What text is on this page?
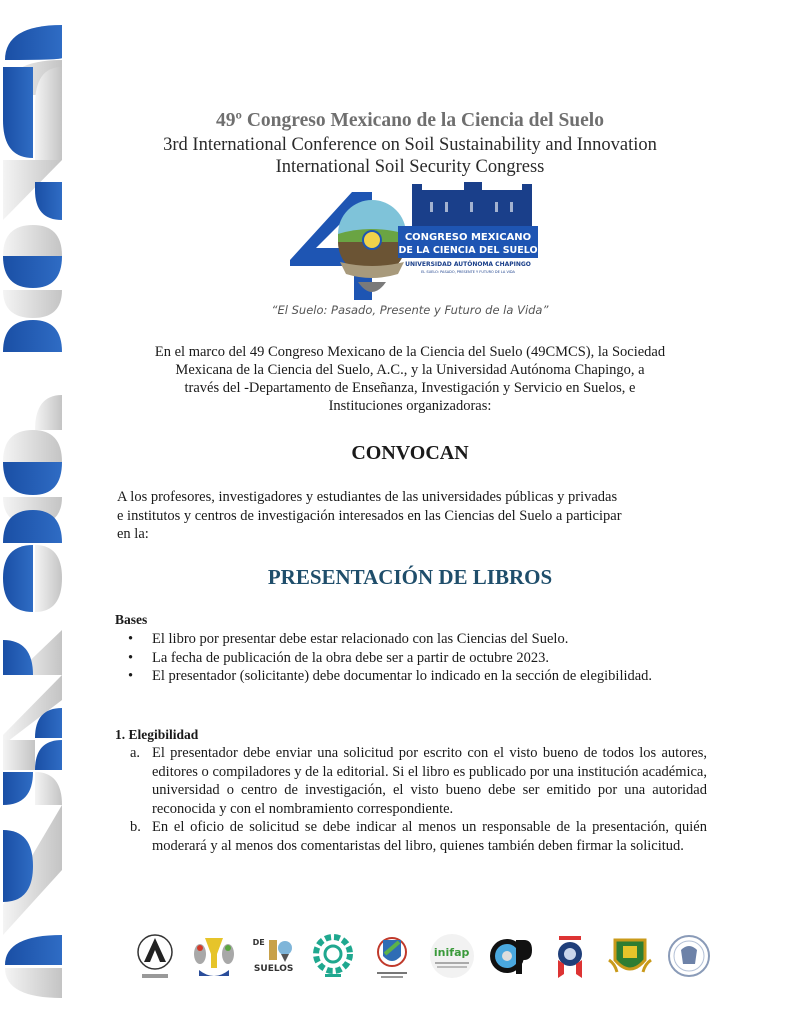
49º Congreso Mexicano de la Ciencia del Suelo
3rd International Conference on Soil Sustainability and Innovation
International Soil Security Congress
CONGRESO MEXICANO
DE LA CIENCIA DEL SUELO
UNIVERSIDAD AUTÓNOMA CHAPINGO
EL SUELO: PASADO, PRESENTE Y FUTURO DE LA VIDA
“El Suelo: Pasado, Presente y Futuro de la Vida”
En el marco del 49 Congreso Mexicano de la Ciencia del Suelo (49CMCS), la Sociedad
Mexicana de la Ciencia del Suelo, A.C., y la Universidad Autónoma Chapingo, a
través del -Departamento de Enseñanza, Investigación y Servicio en Suelos, e
Instituciones organizadoras:
CONVOCAN
A los profesores, investigadores y estudiantes de las universidades públicas y privadas
e institutos y centros de investigación interesados en las Ciencias del Suelo a participar
en la:
PRESENTACIÓN DE LIBROS
Bases
• El libro por presentar debe estar relacionado con las Ciencias del Suelo.
• La fecha de publicación de la obra debe ser a partir de octubre 2023.
• El presentador (solicitante) debe documentar lo indicado en la sección de elegibilidad.
1. Elegibilidad
a. El presentador debe enviar una solicitud por escrito con el visto bueno de todos los autores, editores o compiladores y de la editorial. Si el libro es publicado por una institución académica, universidad o centro de investigación, el visto bueno debe ser emitido por una autoridad reconocida y con el nombramiento correspondiente.
b. En el oficio de solicitud se debe indicar al menos un responsable de la presentación, quién moderará y al menos dos comentaristas del libro, quienes también deben firmar la solicitud.
DE
SUELOS
inifap
